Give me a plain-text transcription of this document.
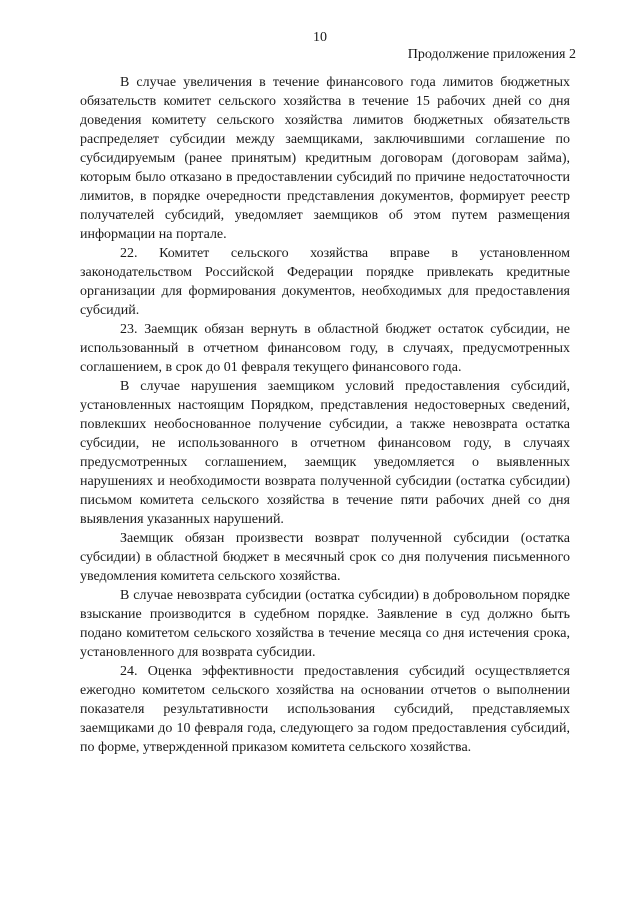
10
Продолжение приложения 2

В случае увеличения в течение финансового года лимитов бюджетных обязательств комитет сельского хозяйства в течение 15 рабочих дней со дня доведения комитету сельского хозяйства лимитов бюджетных обязательств распределяет субсидии между заемщиками, заключившими соглашение по субсидируемым (ранее принятым) кредитным договорам (договорам займа), которым было отказано в предоставлении субсидий по причине недостаточности лимитов, в порядке очередности представления документов, формирует реестр получателей субсидий, уведомляет заемщиков об этом путем размещения информации на портале.

22. Комитет сельского хозяйства вправе в установленном законодательством Российской Федерации порядке привлекать кредитные организации для формирования документов, необходимых для предоставления субсидий.

23. Заемщик обязан вернуть в областной бюджет остаток субсидии, не использованный в отчетном финансовом году, в случаях, предусмотренных соглашением, в срок до 01 февраля текущего финансового года.

В случае нарушения заемщиком условий предоставления субсидий, установленных настоящим Порядком, представления недостоверных сведений, повлекших необоснованное получение субсидии, а также невозврата остатка субсидии, не использованного в отчетном финансовом году, в случаях предусмотренных соглашением, заемщик уведомляется о выявленных нарушениях и необходимости возврата полученной субсидии (остатка субсидии) письмом комитета сельского хозяйства в течение пяти рабочих дней со дня выявления указанных нарушений.

Заемщик обязан произвести возврат полученной субсидии (остатка субсидии) в областной бюджет в месячный срок со дня получения письменного уведомления комитета сельского хозяйства.

В случае невозврата субсидии (остатка субсидии) в добровольном порядке взыскание производится в судебном порядке. Заявление в суд должно быть подано комитетом сельского хозяйства в течение месяца со дня истечения срока, установленного для возврата субсидии.

24. Оценка эффективности предоставления субсидий осуществляется ежегодно комитетом сельского хозяйства на основании отчетов о выполнении показателя результативности использования субсидий, представляемых заемщиками до 10 февраля года, следующего за годом предоставления субсидий, по форме, утвержденной приказом комитета сельского хозяйства.
